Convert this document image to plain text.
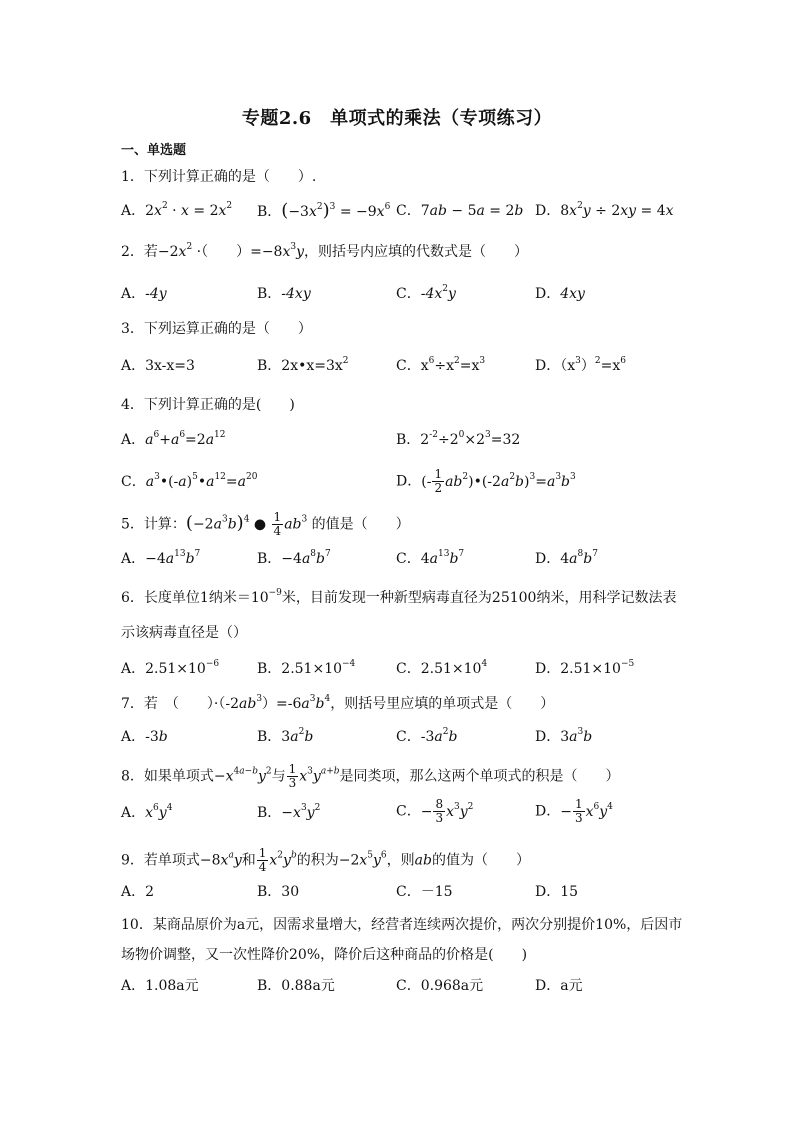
专题2.6　单项式的乘法（专项练习）
一、单选题
1．下列计算正确的是（　　）.
A．$2x^2 \cdot x = 2x^2$ B．$(-3x^2)^3 = -9x^6$ C．7ab − 5a = 2b D．$8x^2y \div 2xy = 4x$
2．若$-2x^2$ ·（　　）$=-8x^3y$，则括号内应填的代数式是（　　）
A．-4y	B．-4xy	C．$-4x^2y$	D．4xy
3．下列运算正确的是（　　）
A．3x-x=3	B．$2x•x=3x^2$	C．$x^6\div x^2=x^3$	D．$(x^3)^2=x^6$
4．下列计算正确的是(　　)
A．$a^6+a^6=2a^{12}$	B．$2^{-2}\div 2^0\times 2^3=32$
C．$a^3•(-a)^5•a^{12}=a^{20}$	D．(- $\frac{1}{2}$ $ab^2)•(-2a^2b)^3=a^3b^3$
5．计算：$(-2a^3b)^4$ ● $\frac{1}{4} ab^3$ 的值是（　　）
A．$-4a^{13}b^7$	B．$-4a^8b^7$	C．$4a^{13}b^7$	D．$4a^8b^7$
6．长度单位1纳米$=10^{-9}$米，目前发现一种新型病毒直径为25100纳米，用科学记数法表
示该病毒直径是（）
A．$2.51\times 10^{-6}$	B．$2.51\times 10^{-4}$	C．$2.51\times 10^4$	D．$2.51\times 10^{-5}$
7．若　（　　）$\cdot(-2ab^3)=-6a^3b^4$，则括号里应填的单项式是（　　）
A．-3b	B．$3a^2b$	C．$-3a^2b$	D．$3a^3b$
8．如果单项式$-x^{4a-b}y^2$与 $\frac{1}{3} x^3y^{a+b}$是同类项，那么这两个单项式的积是（　　）
A．$x^6y^4$	B．$-x^3y^2$	C．− $\frac{8}{3} x^3y^2$	D．− $\frac{1}{3} x^6y^4$
9．若单项式$-8x^ay$和 $\frac{1}{4} x^2y^b$的积为$-2x^5y^6$，则ab的值为（　　）
A．2	B．30	C．－15	D．15
10．某商品原价为a元，因需求量增大，经营者连续两次提价，两次分别提价10%，后因市
场物价调整，又一次性降价20%，降价后这种商品的价格是(　　)
A．1.08a元	B．0.88a元	C．0.968a元	D．a元
